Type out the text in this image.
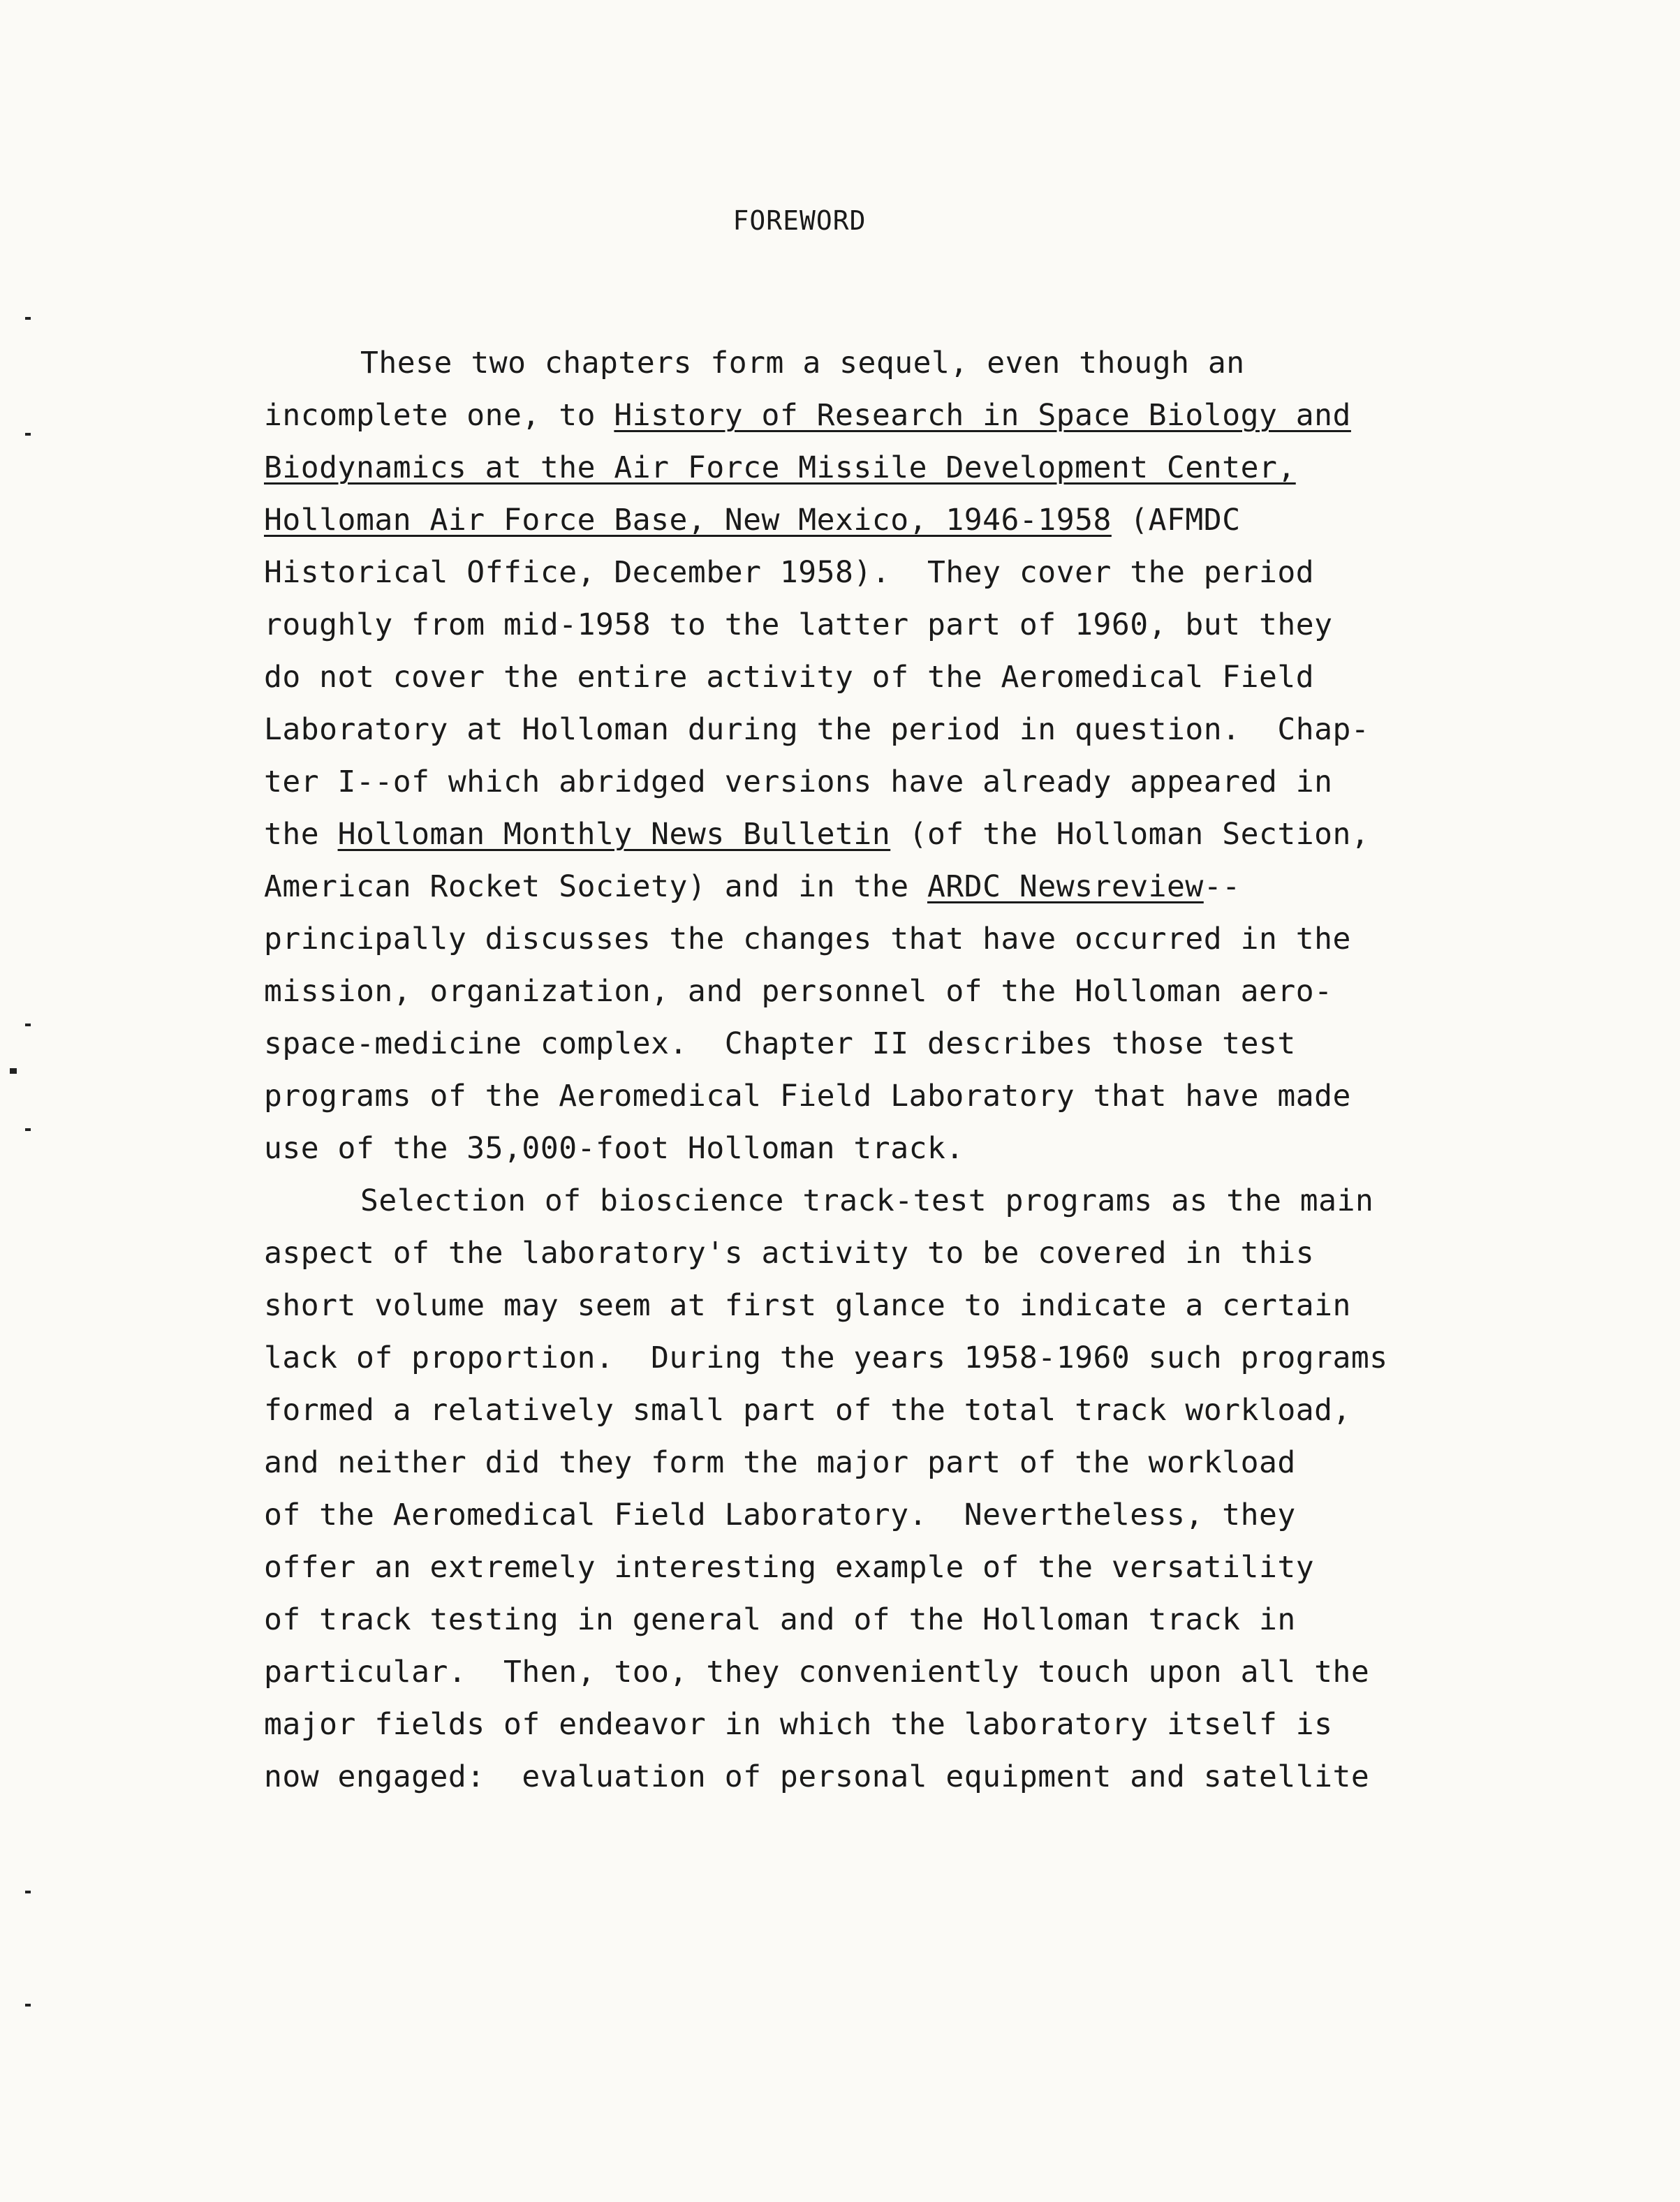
FOREWORD
These two chapters form a sequel, even though an
incomplete one, to History of Research in Space Biology and
Biodynamics at the Air Force Missile Development Center,
Holloman Air Force Base, New Mexico, 1946-1958 (AFMDC
Historical Office, December 1958).  They cover the period
roughly from mid-1958 to the latter part of 1960, but they
do not cover the entire activity of the Aeromedical Field
Laboratory at Holloman during the period in question.  Chap-
ter I--of which abridged versions have already appeared in
the Holloman Monthly News Bulletin (of the Holloman Section,
American Rocket Society) and in the ARDC Newsreview--
principally discusses the changes that have occurred in the
mission, organization, and personnel of the Holloman aero-
space-medicine complex.  Chapter II describes those test
programs of the Aeromedical Field Laboratory that have made
use of the 35,000-foot Holloman track.
Selection of bioscience track-test programs as the main
aspect of the laboratory's activity to be covered in this
short volume may seem at first glance to indicate a certain
lack of proportion.  During the years 1958-1960 such programs
formed a relatively small part of the total track workload,
and neither did they form the major part of the workload
of the Aeromedical Field Laboratory.  Nevertheless, they
offer an extremely interesting example of the versatility
of track testing in general and of the Holloman track in
particular.  Then, too, they conveniently touch upon all the
major fields of endeavor in which the laboratory itself is
now engaged:  evaluation of personal equipment and satellite
